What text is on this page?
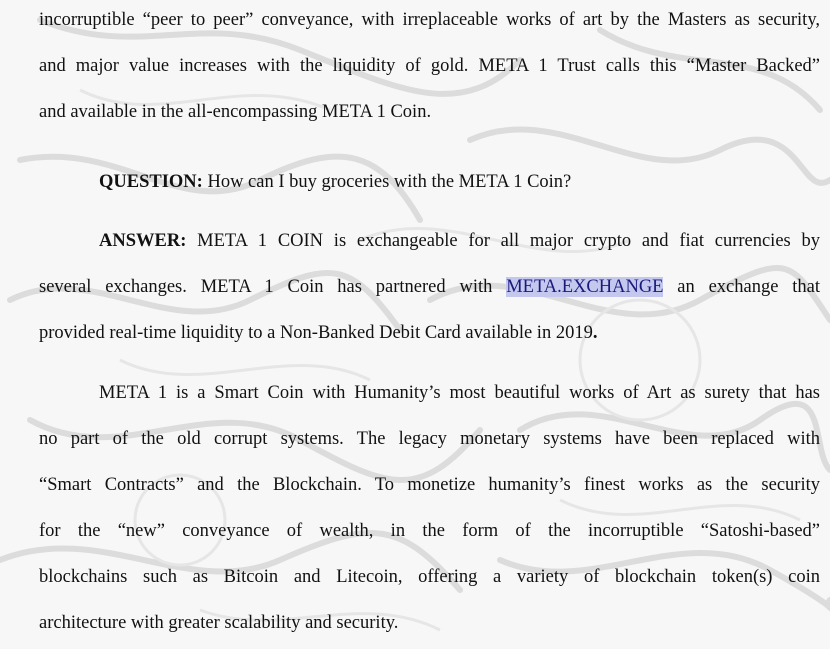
incorruptible “peer to peer” conveyance, with irreplaceable works of art by the Masters as security,
and major value increases with the liquidity of gold. META 1 Trust calls this “Master Backed”
and available in the all-encompassing META 1 Coin.
QUESTION: How can I buy groceries with the META 1 Coin?
ANSWER: META 1 COIN is exchangeable for all major crypto and fiat currencies by
several exchanges. META 1 Coin has partnered with META.EXCHANGE an exchange that
provided real-time liquidity to a Non-Banked Debit Card available in 2019.
META 1 is a Smart Coin with Humanity’s most beautiful works of Art as surety that has
no part of the old corrupt systems. The legacy monetary systems have been replaced with
“Smart Contracts” and the Blockchain. To monetize humanity’s finest works as the security
for the “new” conveyance of wealth, in the form of the incorruptible “Satoshi-based”
blockchains such as Bitcoin and Litecoin, offering a variety of blockchain token(s) coin
architecture with greater scalability and security.
